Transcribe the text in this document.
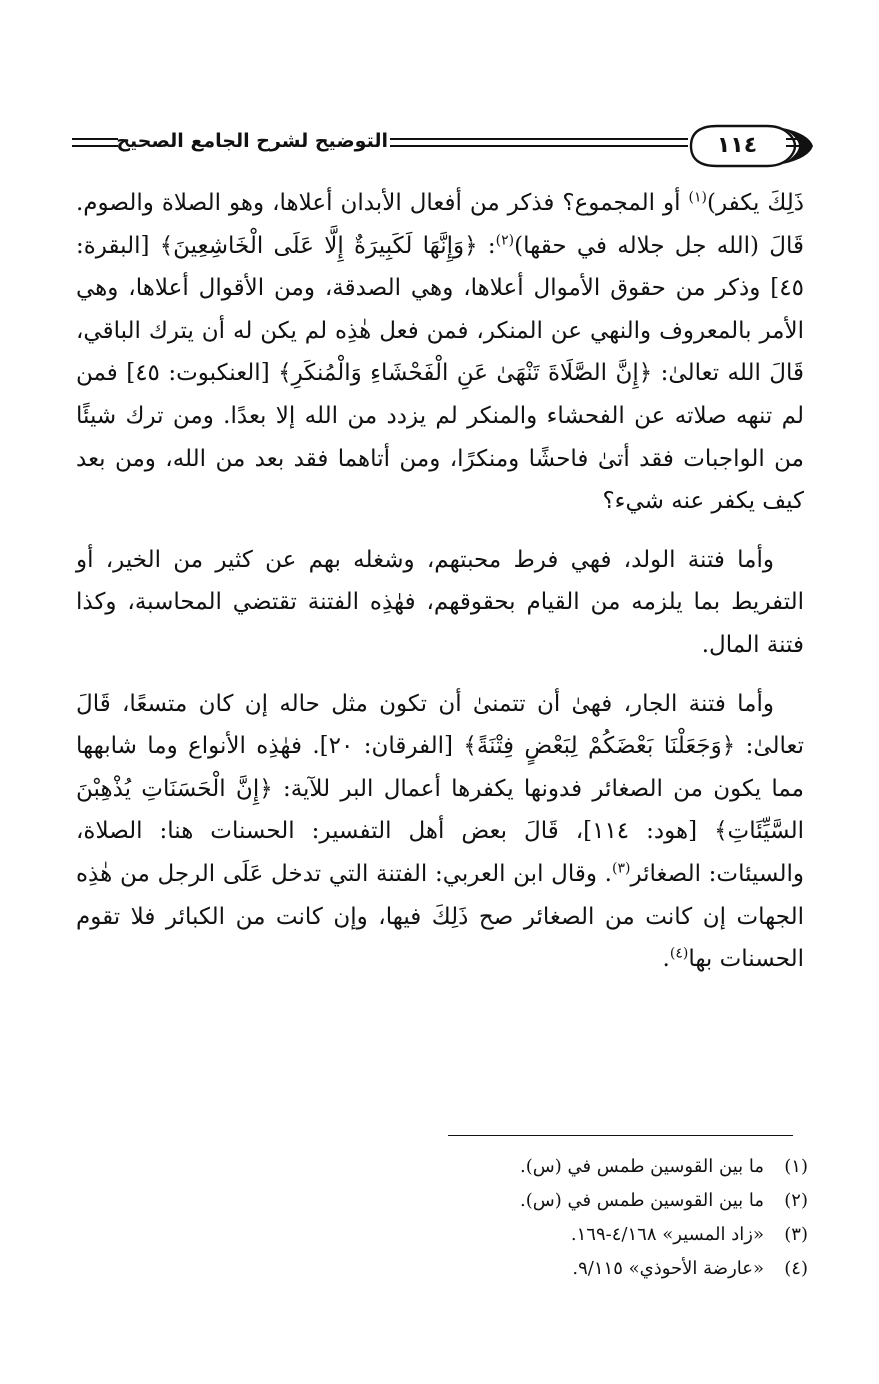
التوضيح لشرح الجامع الصحيح	١١٤

ذَلِكَ يكفر)$^{(١)}$ أو المجموع؟ فذكر من أفعال الأبدان أعلاها، وهو الصلاة والصوم. قَالَ (الله جل جلاله في حقها)$^{(٢)}$: ﴿وَإِنَّهَا لَكَبِيرَةٌ إِلَّا عَلَى الْخَاشِعِينَ﴾ [البقرة: ٤٥] وذكر من حقوق الأموال أعلاها، وهي الصدقة، ومن الأقوال أعلاها، وهي الأمر بالمعروف والنهي عن المنكر، فمن فعل هٰذِه لم يكن له أن يترك الباقي، قَالَ الله تعالىٰ: ﴿إِنَّ الصَّلَاةَ تَنْهَىٰ عَنِ الْفَحْشَاءِ وَالْمُنكَرِ﴾ [العنكبوت: ٤٥] فمن لم تنهه صلاته عن الفحشاء والمنكر لم يزدد من الله إلا بعدًا. ومن ترك شيئًا من الواجبات فقد أتىٰ فاحشًا ومنكرًا، ومن أتاهما فقد بعد من الله، ومن بعد كيف يكفر عنه شيء؟

وأما فتنة الولد، فهي فرط محبتهم، وشغله بهم عن كثير من الخير، أو التفريط بما يلزمه من القيام بحقوقهم، فهٰذِه الفتنة تقتضي المحاسبة، وكذا فتنة المال.

وأما فتنة الجار، فهىٰ أن تتمنىٰ أن تكون مثل حاله إن كان متسعًا، قَالَ تعالىٰ: ﴿وَجَعَلْنَا بَعْضَكُمْ لِبَعْضٍ فِتْنَةً﴾ [الفرقان: ٢٠]. فهٰذِه الأنواع وما شابهها مما يكون من الصغائر فدونها يكفرها أعمال البر للآية: ﴿إِنَّ الْحَسَنَاتِ يُذْهِبْنَ السَّيِّئَاتِ﴾ [هود: ١١٤]، قَالَ بعض أهل التفسير: الحسنات هنا: الصلاة، والسيئات: الصغائر$^{(٣)}$. وقال ابن العربي: الفتنة التي تدخل عَلَى الرجل من هٰذِه الجهات إن كانت من الصغائر صح ذَلِكَ فيها، وإن كانت من الكبائر فلا تقوم الحسنات بها$^{(٤)}$.

(١)ما بين القوسين طمس في (س).
(٢)ما بين القوسين طمس في (س).
(٣)«زاد المسير» ٤/١٦٨-١٦٩.
(٤)«عارضة الأحوذي» ٩/١١٥.
